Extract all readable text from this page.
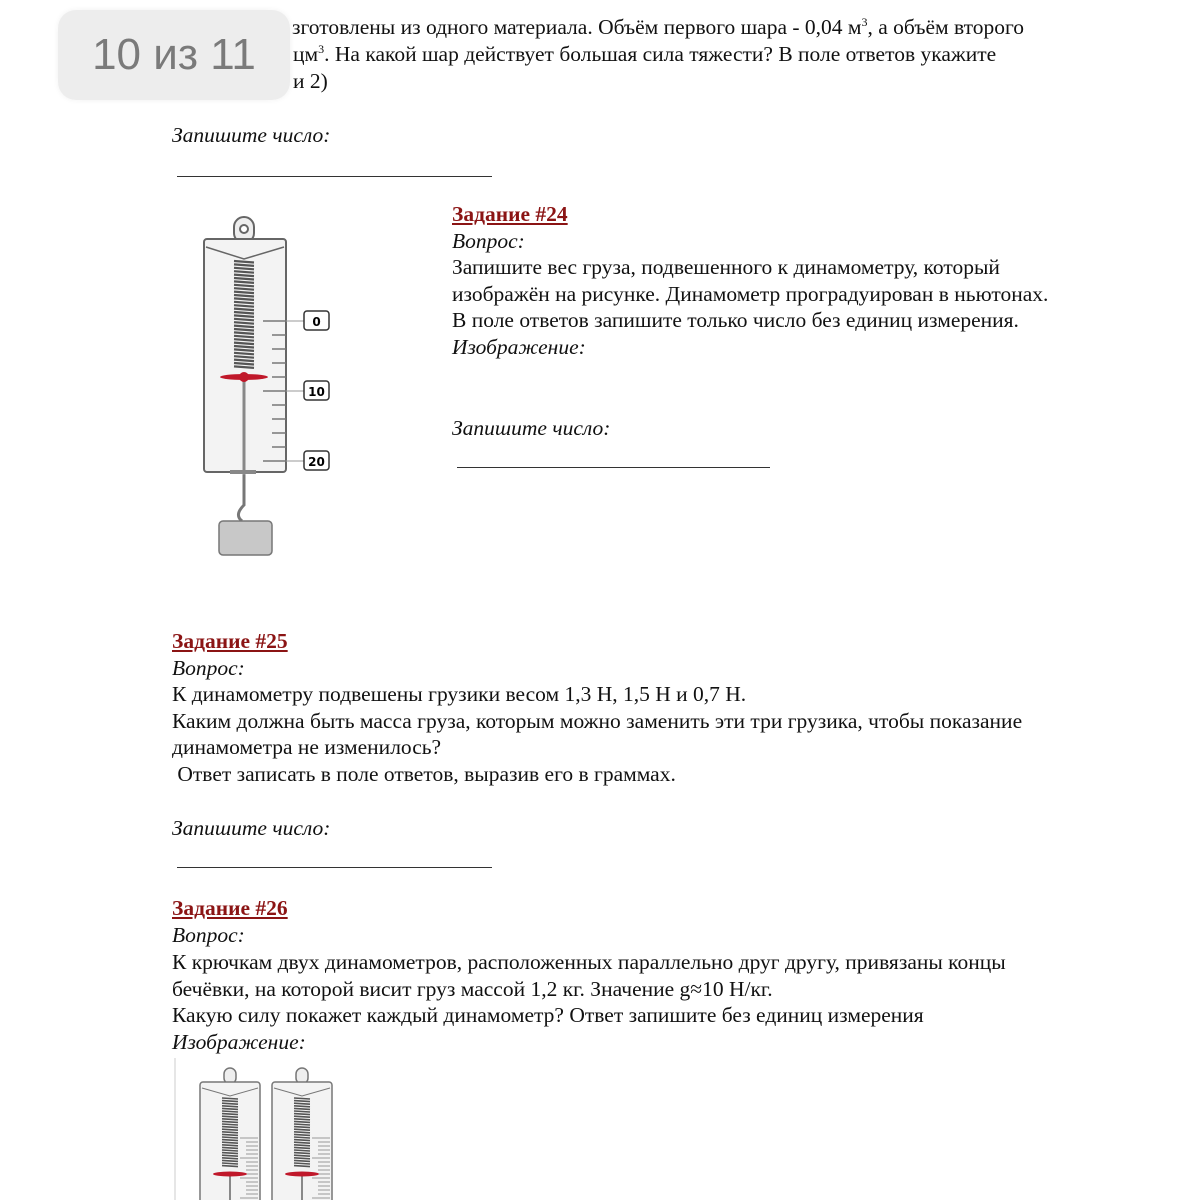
зготовлены из одного материала. Объём первого шара - 0,04 $м^3$, а объём второго
$цм^3$. На какой шар действует большая сила тяжести? В поле ответов укажите
и 2)
Запишите число:
10 из 11
0
10
20
Задание #24
Вопрос:
Запишите вес груза, подвешенного к динамометру, который
изображён на рисунке. Динамометр проградуирован в ньютонах.
В поле ответов запишите только число без единиц измерения.
Изображение:
Запишите число:
Задание #25
Вопрос:
К динамометру подвешены грузики весом 1,3 Н, 1,5 Н и 0,7 Н.
Каким должна быть масса груза, которым можно заменить эти три грузика, чтобы показание
динамометра не изменилось?
Ответ записать в поле ответов, выразив его в граммах.
Запишите число:
Задание #26
Вопрос:
К крючкам двух динамометров, расположенных параллельно друг другу, привязаны концы
бечёвки, на которой висит груз массой 1,2 кг. Значение g≈10 Н/кг.
Какую силу покажет каждый динамометр? Ответ запишите без единиц измерения
Изображение:
